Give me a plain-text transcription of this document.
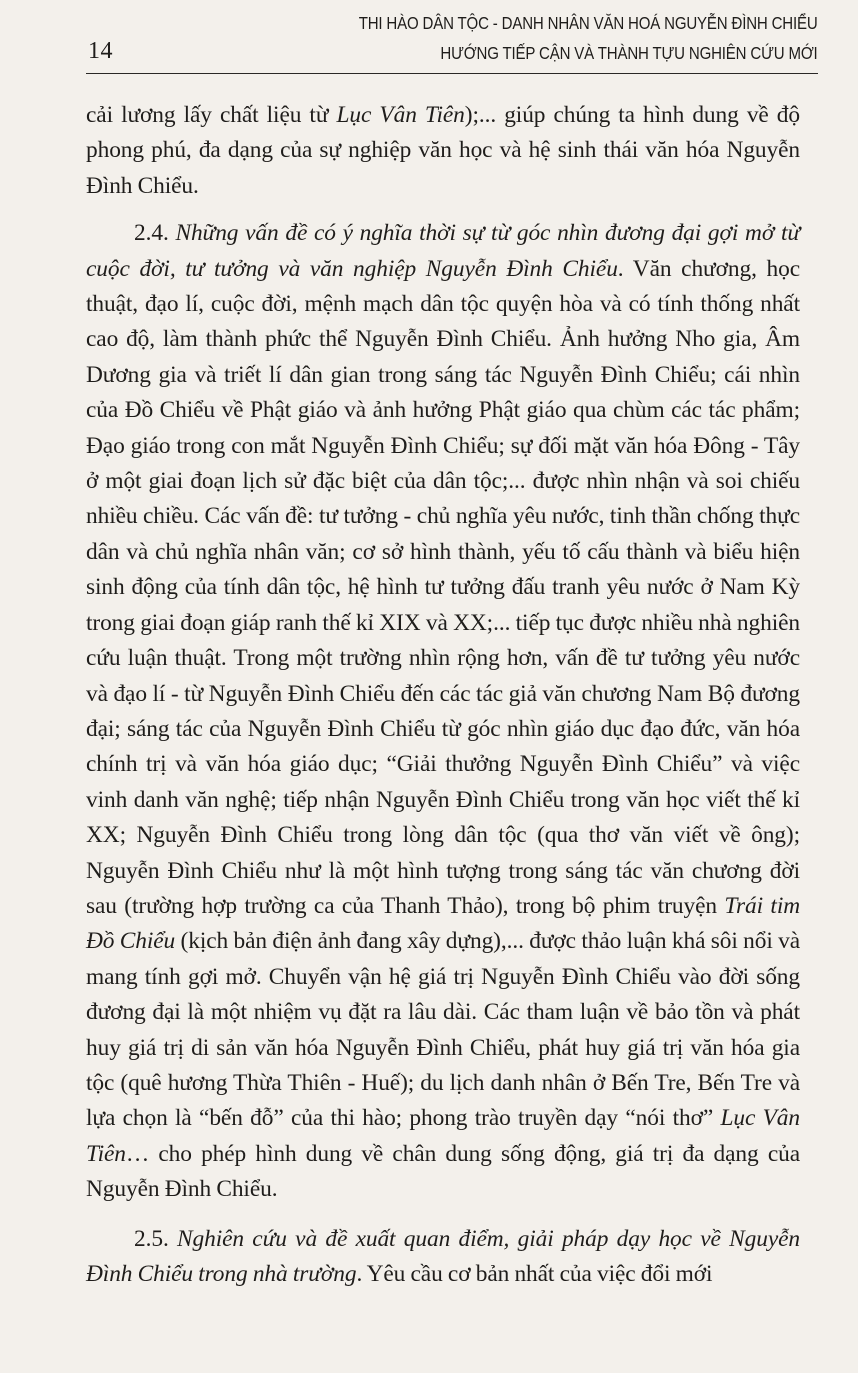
14
THI HÀO DÂN TỘC - DANH NHÂN VĂN HOÁ NGUYỄN ĐÌNH CHIỂU
HƯỚNG TIẾP CẬN VÀ THÀNH TỰU NGHIÊN CỨU MỚI

cải lương lấy chất liệu từ Lục Vân Tiên);... giúp chúng ta hình dung về độ phong phú, đa dạng của sự nghiệp văn học và hệ sinh thái văn hóa Nguyễn Đình Chiểu.

2.4. Những vấn đề có ý nghĩa thời sự từ góc nhìn đương đại gợi mở từ cuộc đời, tư tưởng và văn nghiệp Nguyễn Đình Chiểu. Văn chương, học thuật, đạo lí, cuộc đời, mệnh mạch dân tộc quyện hòa và có tính thống nhất cao độ, làm thành phức thể Nguyễn Đình Chiểu. Ảnh hưởng Nho gia, Âm Dương gia và triết lí dân gian trong sáng tác Nguyễn Đình Chiểu; cái nhìn của Đồ Chiểu về Phật giáo và ảnh hưởng Phật giáo qua chùm các tác phẩm; Đạo giáo trong con mắt Nguyễn Đình Chiểu; sự đối mặt văn hóa Đông - Tây ở một giai đoạn lịch sử đặc biệt của dân tộc;... được nhìn nhận và soi chiếu nhiều chiều. Các vấn đề: tư tưởng - chủ nghĩa yêu nước, tinh thần chống thực dân và chủ nghĩa nhân văn; cơ sở hình thành, yếu tố cấu thành và biểu hiện sinh động của tính dân tộc, hệ hình tư tưởng đấu tranh yêu nước ở Nam Kỳ trong giai đoạn giáp ranh thế kỉ XIX và XX;... tiếp tục được nhiều nhà nghiên cứu luận thuật. Trong một trường nhìn rộng hơn, vấn đề tư tưởng yêu nước và đạo lí - từ Nguyễn Đình Chiểu đến các tác giả văn chương Nam Bộ đương đại; sáng tác của Nguyễn Đình Chiểu từ góc nhìn giáo dục đạo đức, văn hóa chính trị và văn hóa giáo dục; “Giải thưởng Nguyễn Đình Chiểu” và việc vinh danh văn nghệ; tiếp nhận Nguyễn Đình Chiểu trong văn học viết thế kỉ XX; Nguyễn Đình Chiểu trong lòng dân tộc (qua thơ văn viết về ông); Nguyễn Đình Chiểu như là một hình tượng trong sáng tác văn chương đời sau (trường hợp trường ca của Thanh Thảo), trong bộ phim truyện Trái tim Đồ Chiểu (kịch bản điện ảnh đang xây dựng),... được thảo luận khá sôi nổi và mang tính gợi mở. Chuyển vận hệ giá trị Nguyễn Đình Chiểu vào đời sống đương đại là một nhiệm vụ đặt ra lâu dài. Các tham luận về bảo tồn và phát huy giá trị di sản văn hóa Nguyễn Đình Chiểu, phát huy giá trị văn hóa gia tộc (quê hương Thừa Thiên - Huế); du lịch danh nhân ở Bến Tre, Bến Tre và lựa chọn là “bến đỗ” của thi hào; phong trào truyền dạy “nói thơ” Lục Vân Tiên… cho phép hình dung về chân dung sống động, giá trị đa dạng của Nguyễn Đình Chiểu.

2.5. Nghiên cứu và đề xuất quan điểm, giải pháp dạy học về Nguyễn Đình Chiểu trong nhà trường. Yêu cầu cơ bản nhất của việc đổi mới
